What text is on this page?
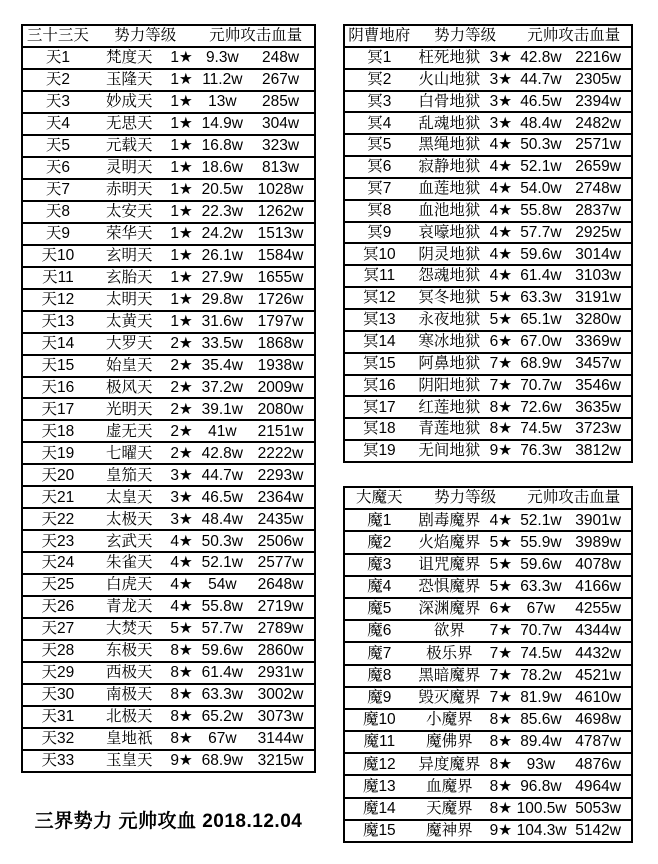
三十三天	势力等级	元帅攻击血量
天1	梵度天	1★ 9.3w	248w
天2	玉隆天	1★ 11.2w	267w
天3	妙成天	1★ 13w	285w
天4	无思天	1★ 14.9w	304w
天5	元载天	1★ 16.8w	323w
天6	灵明天	1★ 18.6w	813w
天7	赤明天	1★ 20.5w 1028w
天8	太安天	1★ 22.3w 1262w
天9	荣华天	1★ 24.2w 1513w
天10	玄明天	1★ 26.1w 1584w
天11	玄胎天	1★ 27.9w 1655w
天12	太明天	1★ 29.8w 1726w
天13	太黄天	1★ 31.6w 1797w
天14	大罗天	2★ 33.5w 1868w
天15	始皇天	2★ 35.4w 1938w
天16	极风天	2★ 37.2w 2009w
天17	光明天	2★ 39.1w 2080w
天18	虚无天	2★ 41w	2151w
天19	七曜天	2★ 42.8w 2222w
天20	皇笳天	3★ 44.7w 2293w
天21	太皇天	3★ 46.5w 2364w
天22	太极天	3★ 48.4w 2435w
天23	玄武天	4★ 50.3w 2506w
天24	朱雀天	4★ 52.1w 2577w
天25	白虎天	4★ 54w	2648w
天26	青龙天	4★ 55.8w 2719w
天27	大焚天	5★ 57.7w 2789w
天28	东极天	8★ 59.6w 2860w
天29	西极天	8★ 61.4w 2931w
天30	南极天	8★ 63.3w 3002w
天31	北极天	8★ 65.2w 3073w
天32	皇地祇	8★ 67w	3144w
天33	玉皇天	9★ 68.9w 3215w
阴曹地府	势力等级	元帅攻击血量
冥1	枉死地狱 3★ 42.8w 2216w
冥2	火山地狱 3★ 44.7w 2305w
冥3	白骨地狱 3★ 46.5w 2394w
冥4	乱魂地狱 3★ 48.4w 2482w
冥5	黑绳地狱 4★ 50.3w 2571w
冥6	寂静地狱 4★ 52.1w 2659w
冥7	血莲地狱 4★ 54.0w 2748w
冥8	血池地狱 4★ 55.8w 2837w
冥9	哀嚎地狱 4★ 57.7w 2925w
冥10	阴灵地狱 4★ 59.6w 3014w
冥11	怨魂地狱 4★ 61.4w 3103w
冥12	冥冬地狱 5★ 63.3w 3191w
冥13	永夜地狱 5★ 65.1w 3280w
冥14	寒冰地狱 6★ 67.0w 3369w
冥15	阿鼻地狱 7★ 68.9w 3457w
冥16	阴阳地狱 7★ 70.7w 3546w
冥17	红莲地狱 8★ 72.6w 3635w
冥18	青莲地狱 8★ 74.5w 3723w
冥19	无间地狱 9★ 76.3w 3812w
大魔天	势力等级	元帅攻击血量
魔1	剧毒魔界 4★ 52.1w 3901w
魔2	火焰魔界 5★ 55.9w 3989w
魔3	诅咒魔界 5★ 59.6w 4078w
魔4	恐惧魔界 5★ 63.3w 4166w
魔5	深渊魔界 6★ 67w	4255w
魔6	欲界	7★ 70.7w 4344w
魔7	极乐界	7★ 74.5w 4432w
魔8	黑暗魔界 7★ 78.2w 4521w
魔9	毁灭魔界 7★ 81.9w 4610w
魔10	小魔界	8★ 85.6w 4698w
魔11	魔佛界	8★ 89.4w 4787w
魔12	异度魔界 8★ 93w	4876w
魔13	血魔界	8★ 96.8w 4964w
魔14	天魔界	8★ 100.5w 5053w
魔15	魔神界	9★ 104.3w 5142w
三界势力 元帅攻血 2018.12.04
